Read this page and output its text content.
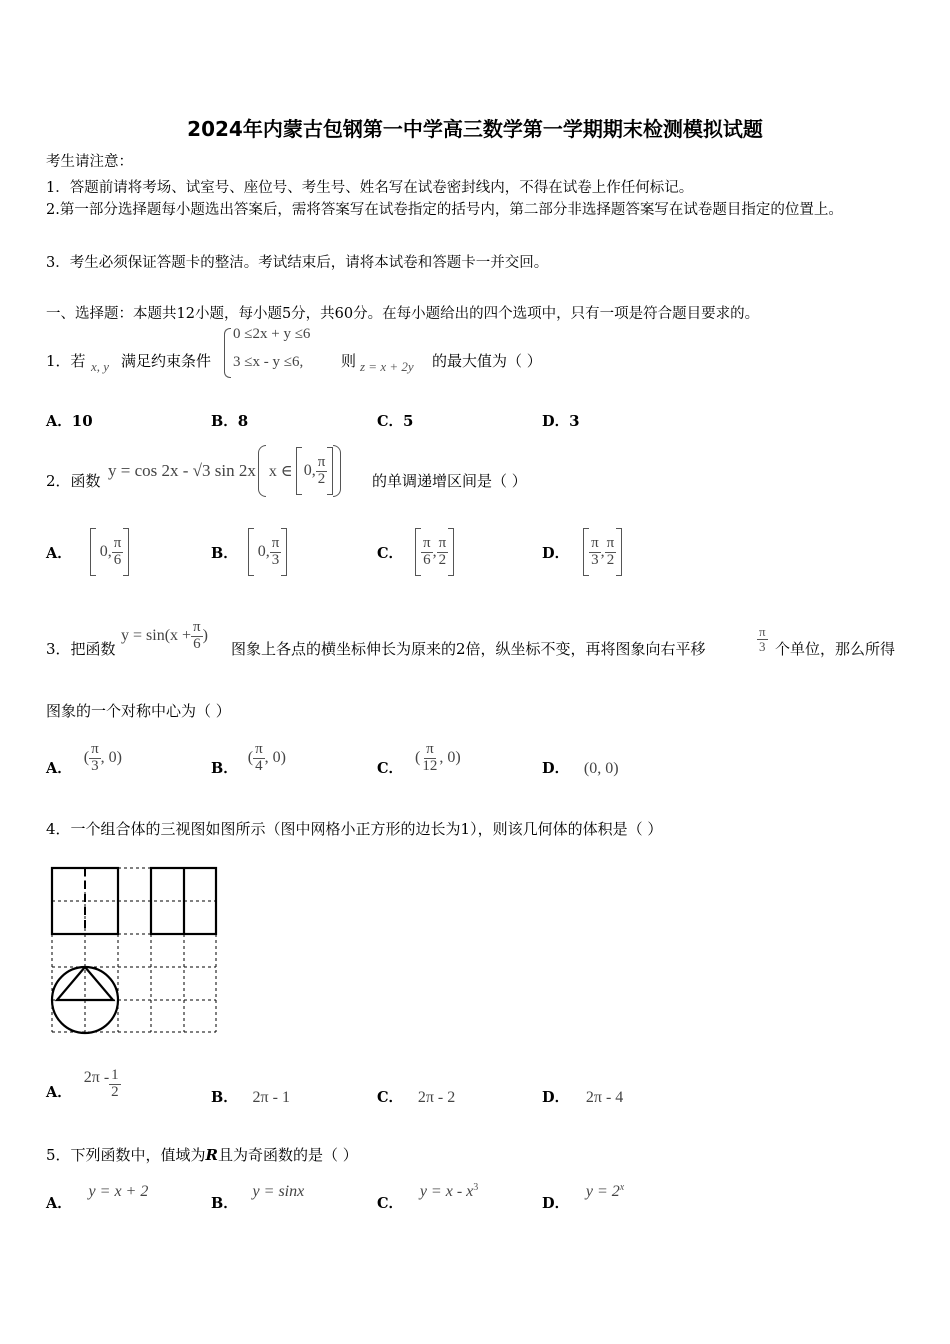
2024年内蒙古包钢第一中学高三数学第一学期期末检测模拟试题
考生请注意：
1．答题前请将考场、试室号、座位号、考生号、姓名写在试卷密封线内，不得在试卷上作任何标记。
2.第一部分选择题每小题选出答案后，需将答案写在试卷指定的括号内，第二部分非选择题答案写在试卷题目指定的位置上。
3．考生必须保证答题卡的整洁。考试结束后，请将本试卷和答题卡一并交回。
一、选择题：本题共12小题，每小题5分，共60分。在每小题给出的四个选项中，只有一项是符合题目要求的。
1．若 x, y 满足约束条件
0 ≤2x + y ≤6
3 ≤x - y ≤6,	则 z = x + 2y 的最大值为（ ）
A．10	B．8	C．5	D．3
2．函数
y = cos 2x - √3 sin 2x x ∈ 0, $\frac{\pi}{2}$	的单调递增区间是（ ）
A． 0, $\frac{\pi}{6}$	B． 0, $\frac{\pi}{3}$	C． $\frac{\pi}{6}$ , $\frac{\pi}{2}$	D． $\frac{\pi}{3}$ , $\frac{\pi}{2}$
3．把函数
$y = \sin(x + \frac{\pi}{6}$ )
图象上各点的横坐标伸长为原来的2倍，纵坐标不变，再将图象向右平移	$\frac{\pi}{3}$ 个单位，那么所得
图象的一个对称中心为（ ）
A．
( $\frac{\pi}{3}$ , 0)
B．
( $\frac{\pi}{4}$ , 0)
C．
( $\frac{\pi}{12}$ , 0)
D． (0, 0)
4．一个组合体的三视图如图所示（图中网格小正方形的边长为1），则该几何体的体积是（ ）
A．
$2\pi - \frac{1}{2}$	B． 2π - 1	C． 2π - 2	D． 2π - 4
5．下列函数中，值域为R且为奇函数的是（ ）
A． y = x + 2
B． y = sinx
C． $y = x - x^3$
D． $y = 2^x$
